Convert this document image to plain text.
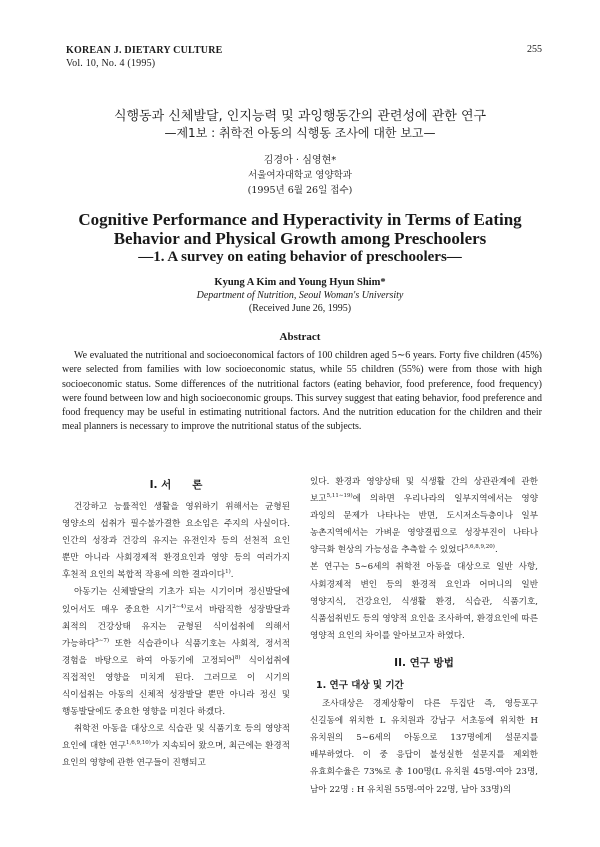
KOREAN J. DIETARY CULTURE
Vol. 10, No. 4 (1995)
255
식행동과 신체발달, 인지능력 및 과잉행동간의 관련성에 관한 연구
—제1보 : 취학전 아동의 식행동 조사에 대한 보고—
김경아 · 심영현*
서울여자대학교 영양학과
(1995년 6월 26일 접수)
Cognitive Performance and Hyperactivity in Terms of Eating
Behavior and Physical Growth among Preschoolers
—1. A survey on eating behavior of preschoolers—
Kyung A Kim and Young Hyun Shim*
Department of Nutrition, Seoul Woman's University
(Received June 26, 1995)
Abstract
We evaluated the nutritional and socioeconomical factors of 100 children aged 5∼6 years. Forty five children (45%) were selected from families with low socioeconomic status, while 55 children (55%) were from those with high socioeconomic status. Some differences of the nutritional factors (eating behavior, food preference, food frequency) were found between low and high socioeconomic groups. This survey suggest that eating behavior, food preference and food frequency may be useful in estimating nutritional factors. And the nutrition education for the children and their meal planners is necessary to improve the nutritional status of the subjects.
I. 서　　론

건강하고 능률적인 생활을 영위하기 위해서는 균형된 영양소의 섭취가 필수불가결한 요소임은 주지의 사실이다. 인간의 성장과 건강의 유지는 유전인자 등의 선천적 요인 뿐만 아니라 사회경제적 환경요인과 영양 등의 여러가지 후천적 요인의 복합적 작용에 의한 결과이다$^{1)}$.

아동기는 신체발달의 기초가 되는 시기이며 정신발달에 있어서도 매우 중요한 시기$^{2\sim 4)}$로서 바람직한 성장발달과 최적의 건강상태 유지는 균형된 식이섭취에 의해서 가능하다$^{5\sim 7)}$ 또한 식습관이나 식품기호는 사회적, 정서적 경험을 바탕으로 하여 아동기에 고정되어$^{8)}$ 식이섭취에 직접적인 영향을 미치게 된다. 그러므로 이 시기의 식이섭취는 아동의 신체적 성장발달 뿐만 아니라 정신 및 행동발달에도 중요한 영향을 미친다 하겠다.

취학전 아동을 대상으로 식습관 및 식품기호 등의 영양적 요인에 대한 연구$^{1,6,9,10)}$가 지속되어 왔으며, 최근에는 환경적 요인의 영향에 관한 연구들이 진행되고

있다. 환경과 영양상태 및 식생활 간의 상관관계에 관한 보고$^{5,11\sim 19)}$에 의하면 우리나라의 일부지역에서는 영양 과잉의 문제가 나타나는 반면, 도시저소득층이나 일부 농촌지역에서는 가벼운 영양결핍으로 성장부진이 나타나 양극화 현상의 가능성을 추측할 수 있었다$^{5,6,8,9,20)}$.

본 연구는 5∼6세의 취학전 아동을 대상으로 일반 사항, 사회경제적 변인 등의 환경적 요인과 어머니의 일반 영양지식, 건강요인, 식생활 환경, 식습관, 식품기호, 식품섭취빈도 등의 영양적 요인을 조사하여, 환경요인에 따른 영양적 요인의 차이를 알아보고자 하였다.

II. 연구 방법
1. 연구 대상 및 기간

조사대상은 경제상황이 다른 두집단 즉, 영등포구 신길동에 위치한 L 유치원과 강남구 서초동에 위치한 H 유치원의 5∼6세의 아동으로 137명에게 설문지를 배부하였다. 이 중 응답이 불성실한 설문지를 제외한 유효회수율은 73%로 총 100명(L 유치원 45명-여아 23명, 남아 22명 : H 유치원 55명-여아 22명, 남아 33명)의
